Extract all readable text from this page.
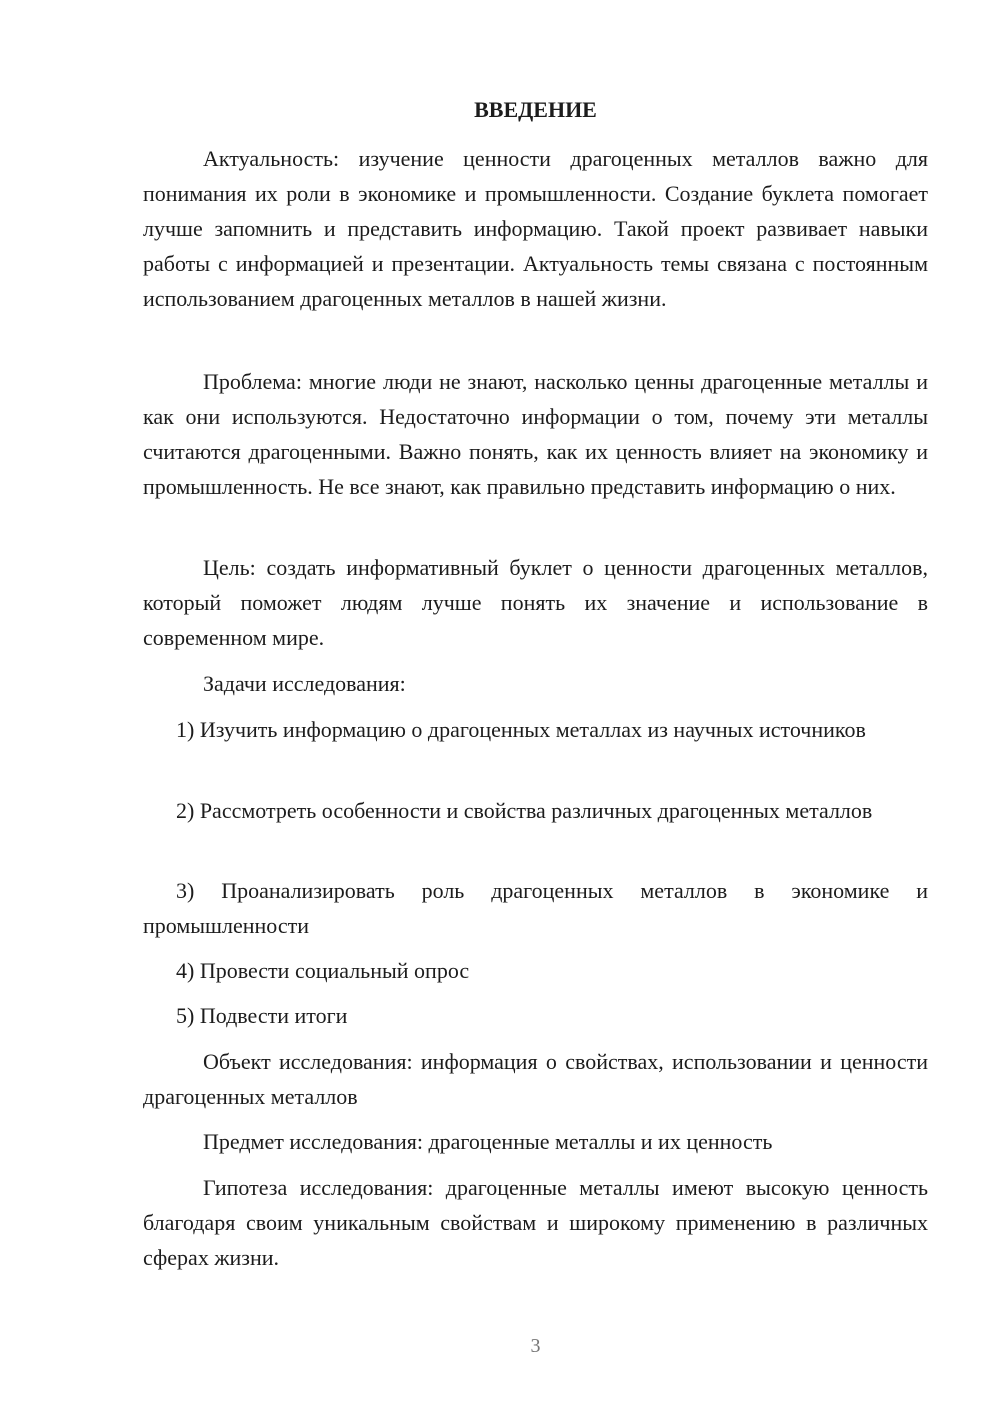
ВВЕДЕНИЕ

Актуальность: изучение ценности драгоценных металлов важно для понимания их роли в экономике и промышленности. Создание буклета помогает лучше запомнить и представить информацию. Такой проект развивает навыки работы с информацией и презентации. Актуальность темы связана с постоянным использованием драгоценных металлов в нашей жизни.

Проблема: многие люди не знают, насколько ценны драгоценные металлы и как они используются. Недостаточно информации о том, почему эти металлы считаются драгоценными. Важно понять, как их ценность влияет на экономику и промышленность. Не все знают, как правильно представить информацию о них.

Цель: создать информативный буклет о ценности драгоценных металлов, который поможет людям лучше понять их значение и использование в современном мире.

Задачи исследования:

1) Изучить информацию о драгоценных металлах из научных источников

2) Рассмотреть особенности и свойства различных драгоценных металлов

3) Проанализировать роль драгоценных металлов в экономике и промышленности

4) Провести социальный опрос

5) Подвести итоги

Объект исследования: информация о свойствах, использовании и ценности драгоценных металлов

Предмет исследования: драгоценные металлы и их ценность

Гипотеза исследования: драгоценные металлы имеют высокую ценность благодаря своим уникальным свойствам и широкому применению в различных сферах жизни.

3
